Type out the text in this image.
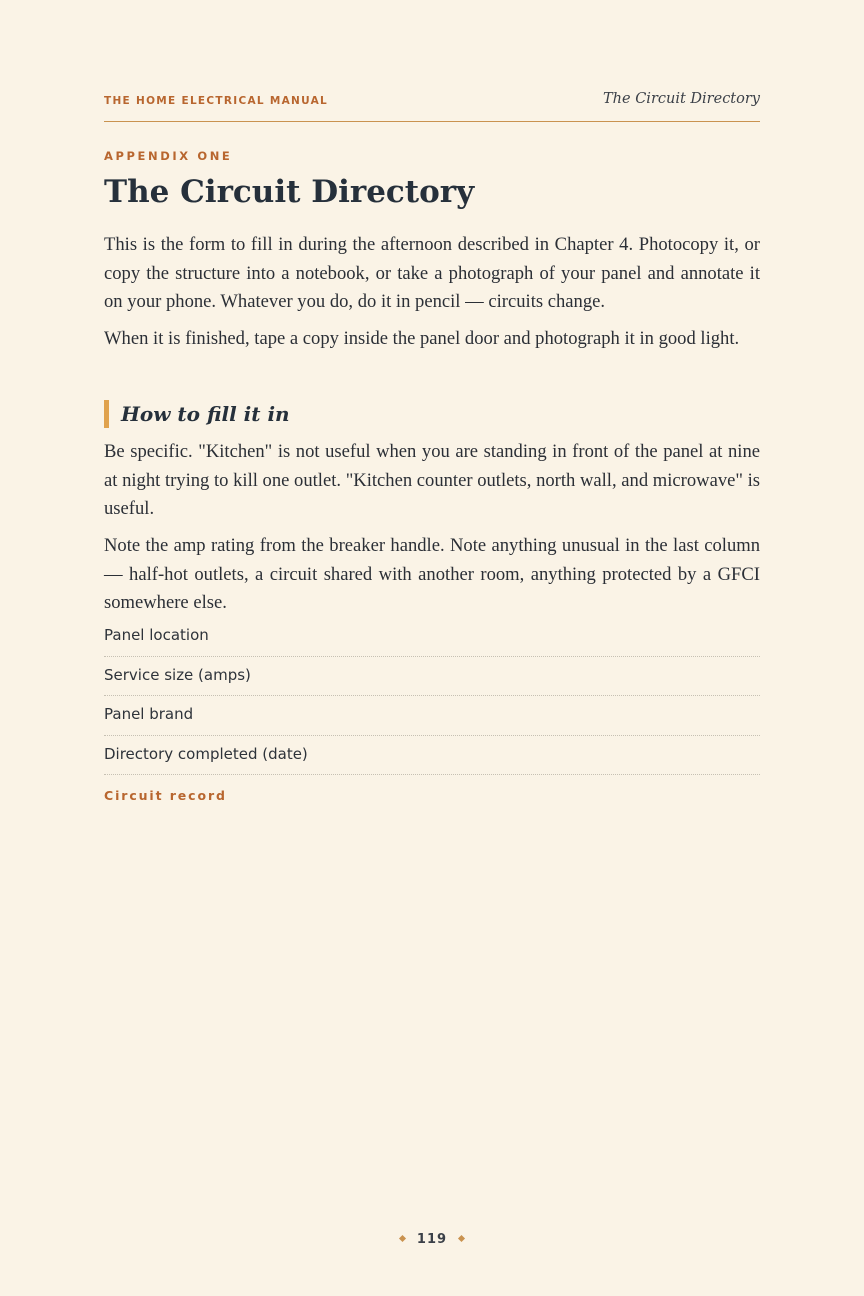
THE HOME ELECTRICAL MANUAL	The Circuit Directory
APPENDIX ONE
The Circuit Directory

This is the form to fill in during the afternoon described in Chapter 4. Photocopy it, or copy the structure into a notebook, or take a photograph of your panel and annotate it on your phone. Whatever you do, do it in pencil — circuits change.

When it is finished, tape a copy inside the panel door and photograph it in good light.

How to fill it in

Be specific. "Kitchen" is not useful when you are standing in front of the panel at nine at night trying to kill one outlet. "Kitchen counter outlets, north wall, and microwave" is useful.

Note the amp rating from the breaker handle. Note anything unusual in the last column — half-hot outlets, a circuit shared with another room, anything protected by a GFCI somewhere else.

Panel location
Service size (amps)
Panel brand
Directory completed (date)
Circuit record
119
